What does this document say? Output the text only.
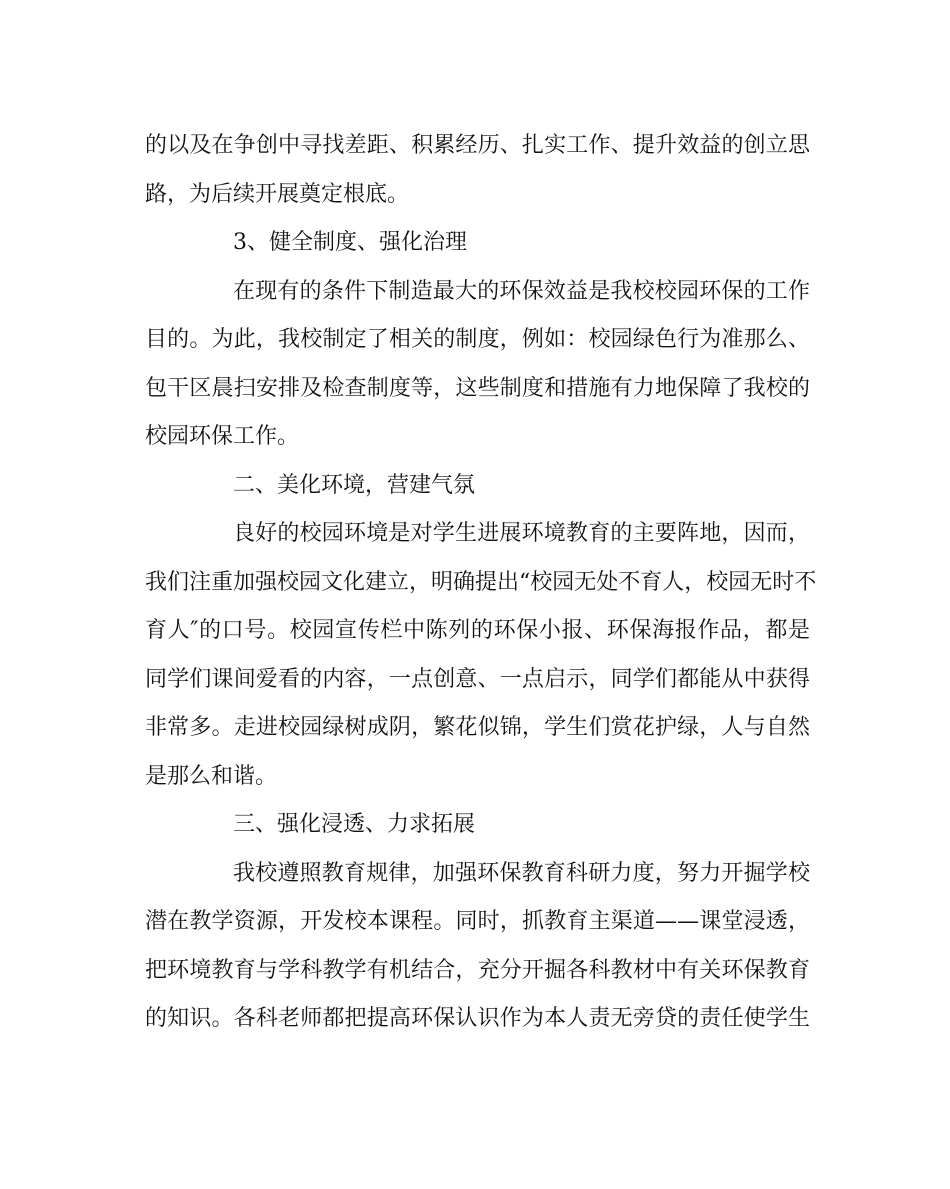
的以及在争创中寻找差距、积累经历、扎实工作、提升效益的创立思
路，为后续开展奠定根底。
3、健全制度、强化治理
在现有的条件下制造最大的环保效益是我校校园环保的工作
目的。为此，我校制定了相关的制度，例如：校园绿色行为准那么、
包干区晨扫安排及检查制度等，这些制度和措施有力地保障了我校的
校园环保工作。
二、美化环境，营建气氛
良好的校园环境是对学生进展环境教育的主要阵地，因而，
我们注重加强校园文化建立，明确提出“校园无处不育人，校园无时不
育人″的口号。校园宣传栏中陈列的环保小报、环保海报作品，都是
同学们课间爱看的内容，一点创意、一点启示，同学们都能从中获得
非常多。走进校园绿树成阴，繁花似锦，学生们赏花护绿，人与自然
是那么和谐。
三、强化浸透、力求拓展
我校遵照教育规律，加强环保教育科研力度，努力开掘学校
潜在教学资源，开发校本课程。同时，抓教育主渠道——课堂浸透，
把环境教育与学科教学有机结合，充分开掘各科教材中有关环保教育
的知识。各科老师都把提高环保认识作为本人责无旁贷的责任使学生
